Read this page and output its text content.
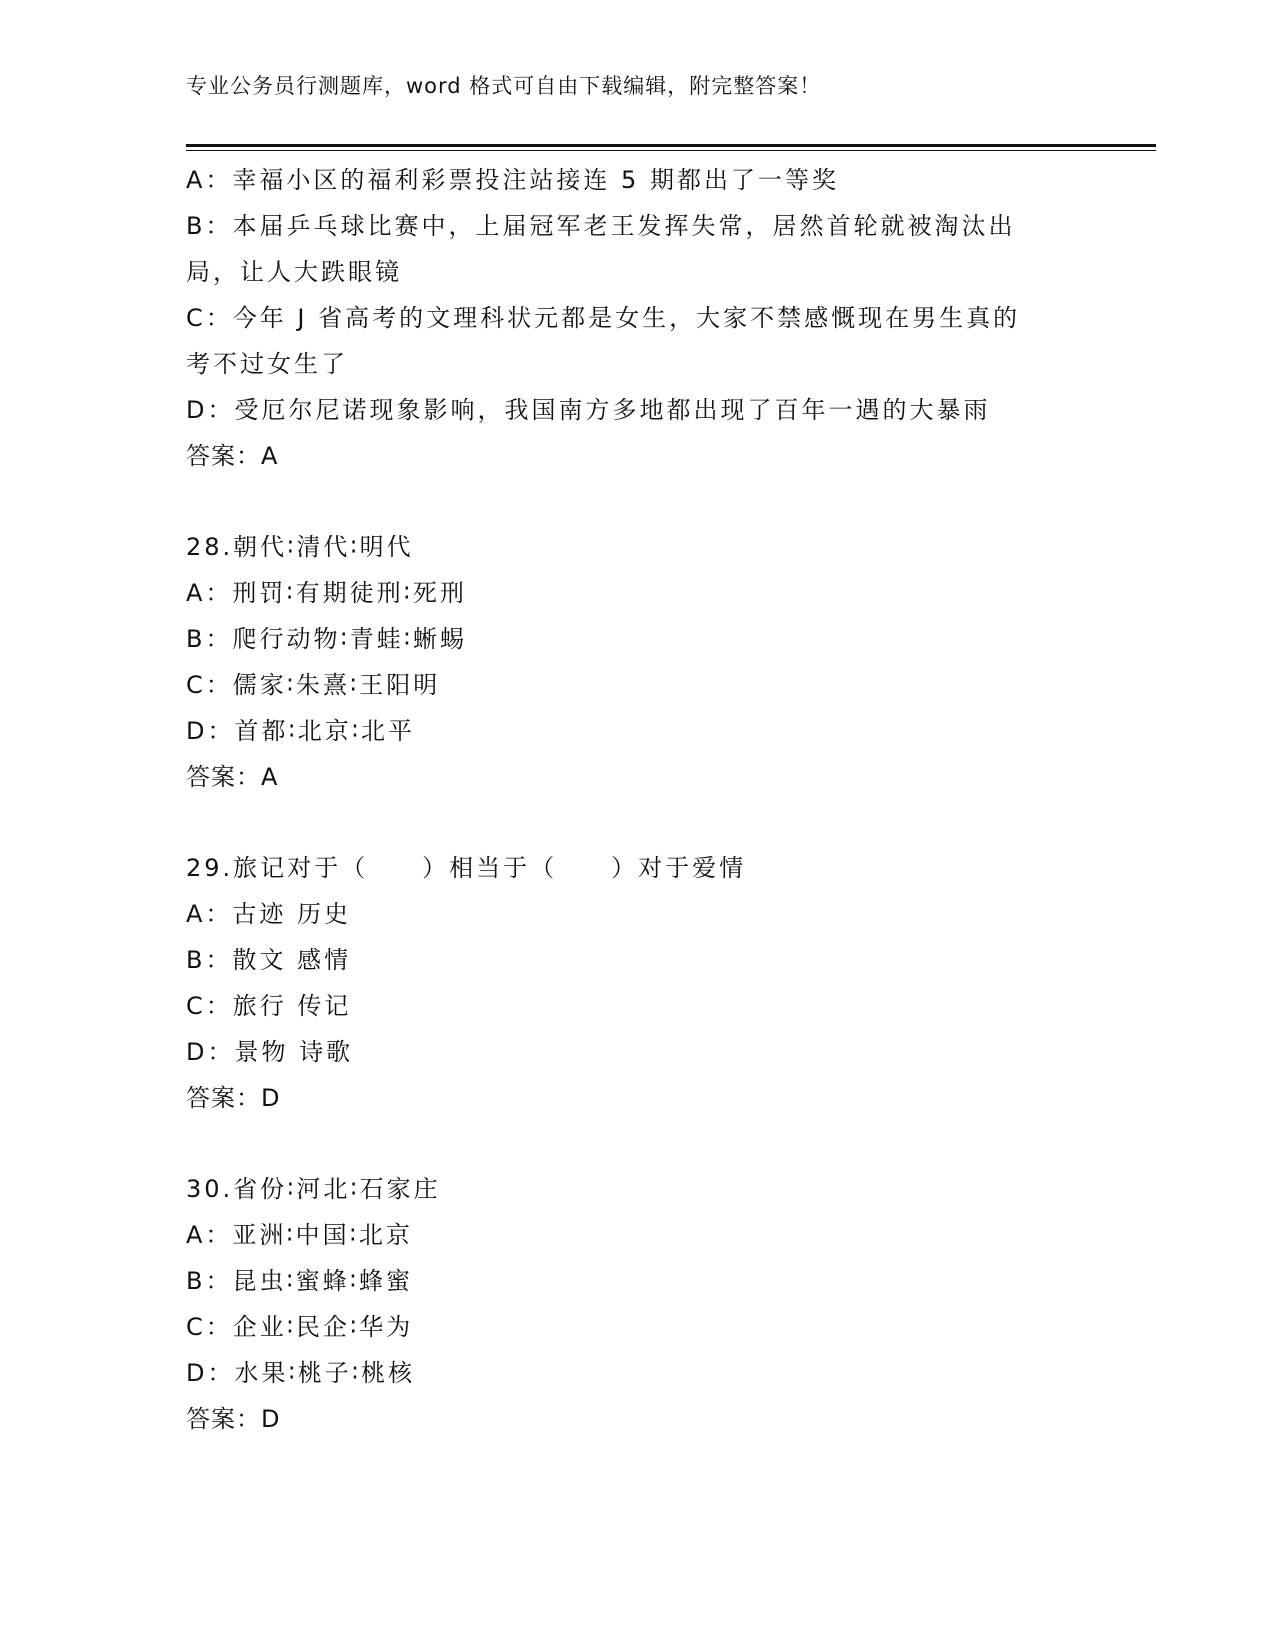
专业公务员行测题库，word 格式可自由下载编辑，附完整答案！
A：幸福小区的福利彩票投注站接连 5 期都出了一等奖
B：本届乒乓球比赛中，上届冠军老王发挥失常，居然首轮就被淘汰出
局，让人大跌眼镜
C：今年 J 省高考的文理科状元都是女生，大家不禁感慨现在男生真的
考不过女生了
D：受厄尔尼诺现象影响，我国南方多地都出现了百年一遇的大暴雨
答案：A
28.朝代∶清代∶明代
A：刑罚∶有期徒刑∶死刑
B：爬行动物∶青蛙∶蜥蜴
C：儒家∶朱熹∶王阳明
D：首都∶北京∶北平
答案：A
29.旅记对于（　　）相当于（　　）对于爱情
A：古迹 历史
B：散文 感情
C：旅行 传记
D：景物 诗歌
答案：D
30.省份∶河北∶石家庄
A：亚洲∶中国∶北京
B：昆虫∶蜜蜂∶蜂蜜
C：企业∶民企∶华为
D：水果∶桃子∶桃核
答案：D
